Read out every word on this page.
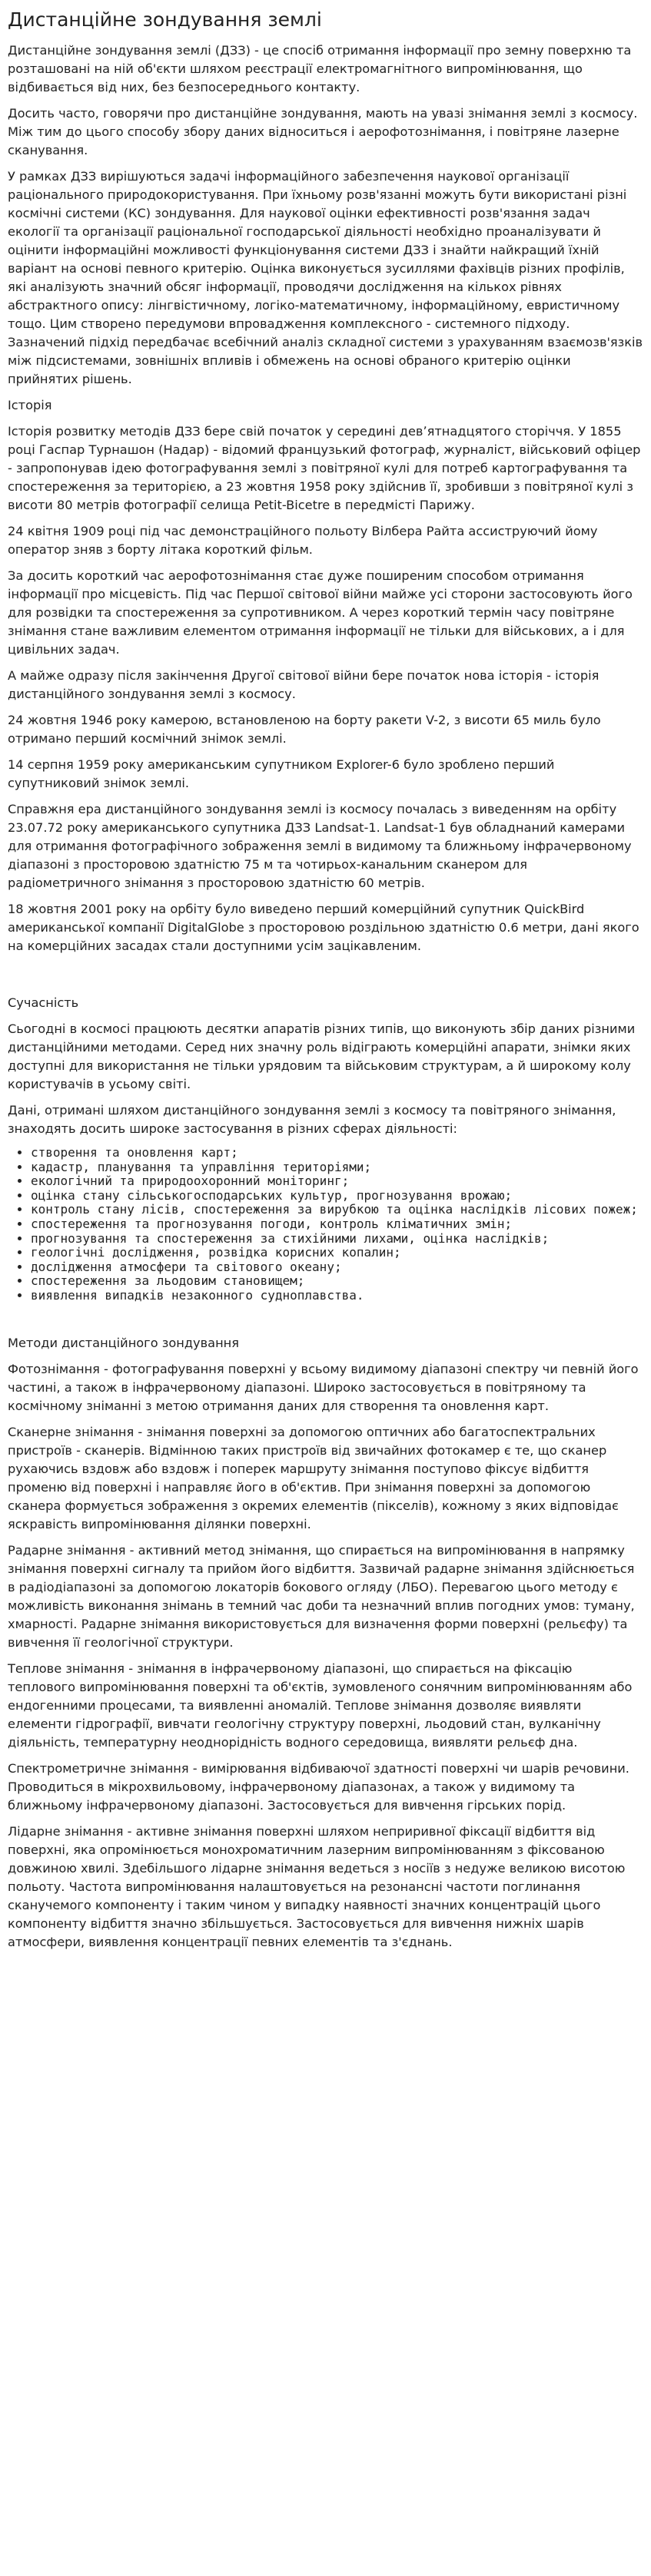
Дистанційне зондування землі

Дистанційне зондування землі (ДЗЗ) - це спосіб отримання інформації про земну поверхню та розташовані на ній об'єкти шляхом реєстрації електромагнітного випромінювання, що відбивається від них, без безпосереднього контакту.

Досить часто, говорячи про дистанційне зондування, мають на увазі знімання землі з космосу. Між тим до цього способу збору даних відноситься і аерофотознімання, і повітряне лазерне сканування.

У рамках ДЗЗ вирішуються задачі інформаційного забезпечення наукової організації раціонального природокористування. При їхньому розв'язанні можуть бути використані різні космічні системи (КС) зондування. Для наукової оцінки ефективності розв'язання задач екології та організації раціональної господарської діяльності необхідно проаналізувати й оцінити інформаційні можливості функціонування системи ДЗЗ і знайти найкращий їхній варіант на основі певного критерію. Оцінка виконується зусиллями фахівців різних профілів, які аналізують значний обсяг інформації, проводячи дослідження на кількох рівнях абстрактного опису: лінгвістичному, логіко-математичному, інформаційному, евристичному тощо. Цим створено передумови впровадження комплексного - системного підходу. Зазначений підхід передбачає всебічний аналіз складної системи з урахуванням взаємозв'язків між підсистемами, зовнішніх впливів і обмежень на основі обраного критерію оцінки прийнятих рішень.

Історія

Історія розвитку методів ДЗЗ бере свій початок у середині девʼятнадцятого сторіччя. У 1855 році Гаспар Турнашон (Надар) - відомий французький фотограф, журналіст, військовий офіцер - запропонував ідею фотографування землі з повітряної кулі для потреб картографування та спостереження за територією, а 23 жовтня 1958 року здійснив її, зробивши з повітряної кулі з висоти 80 метрів фотографії селища Petit-Bicetre в передмісті Парижу.

24 квітня 1909 році під час демонстраційного польоту Вілбера Райта ассиструючий йому оператор зняв з борту літака короткий фільм.

За досить короткий час аерофотознімання стає дуже поширеним способом отримання інформації про місцевість. Під час Першої світової війни майже усі сторони застосовують його для розвідки та спостереження за супротивником. А через короткий термін часу повітряне знімання стане важливим елементом отримання інформації не тільки для військових, а і для цивільних задач.

А майже одразу після закінчення Другої світової війни бере початок нова історія - історія дистанційного зондування землі з космосу.

24 жовтня 1946 року камерою, встановленою на борту ракети V-2, з висоти 65 миль було отримано перший космічний знімок землі.

14 серпня 1959 року американським супутником Explorer-6 було зроблено перший супутниковий знімок землі.

Справжня ера дистанційного зондування землі із космосу почалась з виведенням на орбіту 23.07.72 року американського супутника ДЗЗ Landsat-1. Landsat-1 був обладнаний камерами для отримання фотографічного зображення землі в видимому та ближньому інфрачервоному діапазоні з просторовою здатністю 75 м та чотирьох-канальним сканером для радіометричного знімання з просторовою здатністю 60 метрів.

18 жовтня 2001 року на орбіту було виведено перший комерційний супутник QuickBird американської компанії DigitalGlobe з просторовою роздільною здатністю 0.6 метри, дані якого на комерційних засадах стали доступними усім зацікавленим.

Сучасність

Сьогодні в космосі працюють десятки апаратів різних типів, що виконують збір даних різними дистанційними методами. Серед них значну роль відіграють комерційні апарати, знімки яких доступні для використання не тільки урядовим та військовим структурам, а й широкому колу користувачів в усьому світі.

Дані, отримані шляхом дистанційного зондування землі з космосу та повітряного знімання, знаходять досить широке застосування в різних сферах діяльності:

• створення та оновлення карт;
• кадастр, планування та управління територіями;
• екологічний та природоохоронний моніторинг;
• оцінка стану сільськогосподарських культур, прогнозування врожаю;
• контроль стану лісів, спостереження за вирубкою та оцінка наслідків лісових пожеж;
• спостереження та прогнозування погоди, контроль кліматичних змін;
• прогнозування та спостереження за стихійними лихами, оцінка наслідків;
• геологічні дослідження, розвідка корисних копалин;
• дослідження атмосфери та світового океану;
• спостереження за льодовим становищем;
• виявлення випадків незаконного судноплавства.
Методи дистанційного зондування

Фотознімання - фотографування поверхні у всьому видимому діапазоні спектру чи певній його частині, а також в інфрачервоному діапазоні. Широко застосовується в повітряному та космічному зніманні з метою отримання даних для створення та оновлення карт.

Сканерне знімання - знімання поверхні за допомогою оптичних або багатоспектральних пристроїв - сканерів. Відмінною таких пристроїв від звичайних фотокамер є те, що сканер рухаючись вздовж або вздовж і поперек маршруту знімання поступово фіксує відбиття променю від поверхні і направляє його в об'єктив. При знімання поверхні за допомогою сканера формується зображення з окремих елементів (пікселів), кожному з яких відповідає яскравість випромінювання ділянки поверхні.

Радарне знімання - активний метод знімання, що спирається на випромінювання в напрямку знімання поверхні сигналу та прийом його відбиття. Зазвичай радарне знімання здійснюється в радіодіапазоні за допомогою локаторів бокового огляду (ЛБО). Перевагою цього методу є можливість виконання знімань в темний час доби та незначний вплив погодних умов: туману, хмарності. Радарне знімання використовується для визначення форми поверхні (рельєфу) та вивчення її геологічної структури.

Теплове знімання - знімання в інфрачервоному діапазоні, що спирається на фіксацію теплового випромінювання поверхні та об'єктів, зумовленого сонячним випромінюванням або ендогенними процесами, та виявленні аномалій. Теплове знімання дозволяє виявляти елементи гідрографії, вивчати геологічну структуру поверхні, льодовий стан, вулканічну діяльність, температурну неоднорідність водного середовища, виявляти рельєф дна.

Спектрометричне знімання - вимірювання відбиваючої здатності поверхні чи шарів речовини. Проводиться в мікрохвильовому, інфрачервоному діапазонах, а також у видимому та ближньому інфрачервоному діапазоні. Застосовується для вивчення гірських порід.

Лідарне знімання - активне знімання поверхні шляхом неприривної фіксації відбиття від поверхні, яка опромінюється монохроматичним лазерним випромінюванням з фіксованою довжиною хвилі. Здебільшого лідарне знімання ведеться з носіїв з недуже великою висотою польоту. Частота випромінювання налаштовується на резонансні частоти поглинання сканучемого компоненту і таким чином у випадку наявності значних концентрацій цього компоненту відбиття значно збільшується. Застосовується для вивчення нижніх шарів атмосфери, виявлення концентрації певних елементів та з'єднань.
